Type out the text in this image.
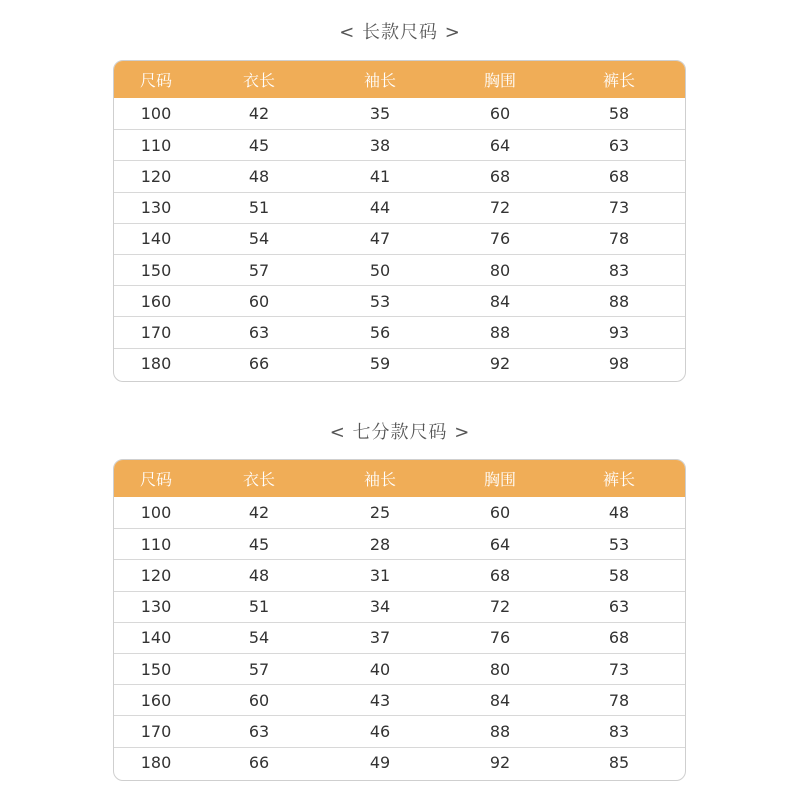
< 长款尺码 >
尺码	衣长	袖长	胸围	裤长
100	42	35	60	58
110	45	38	64	63
120	48	41	68	68
130	51	44	72	73
140	54	47	76	78
150	57	50	80	83
160	60	53	84	88
170	63	56	88	93
180	66	59	92	98
< 七分款尺码 >
尺码	衣长	袖长	胸围	裤长
100	42	25	60	48
110	45	28	64	53
120	48	31	68	58
130	51	34	72	63
140	54	37	76	68
150	57	40	80	73
160	60	43	84	78
170	63	46	88	83
180	66	49	92	85
